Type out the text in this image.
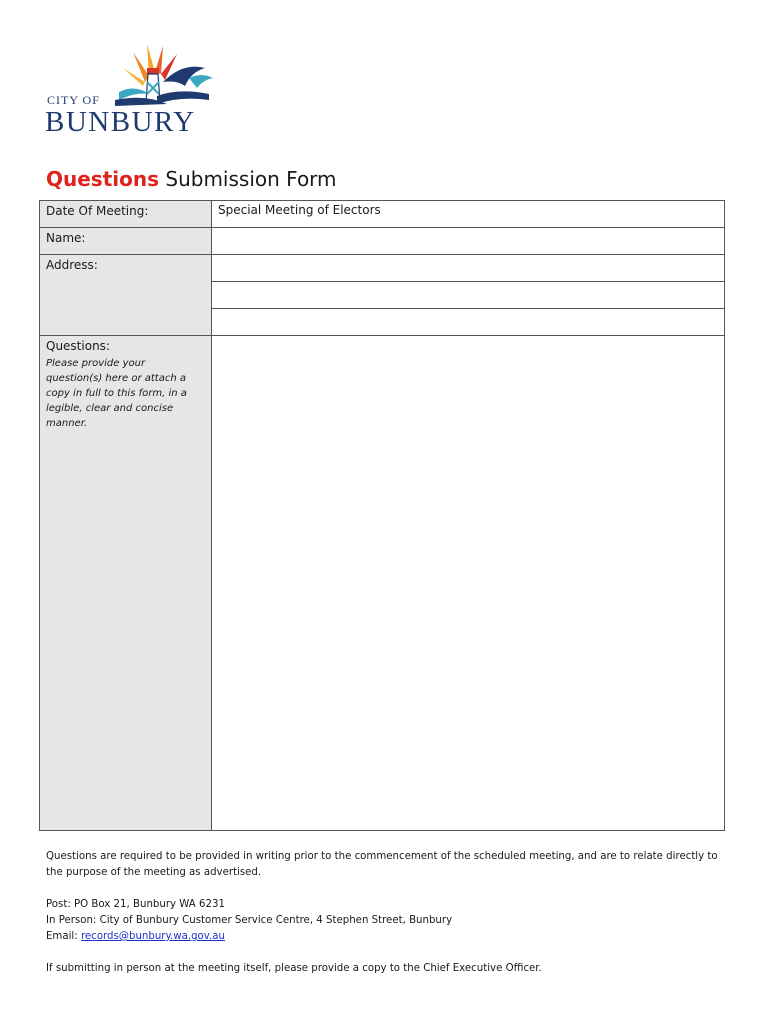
CITY OF
BUNBURY
Questions Submission Form
Date Of Meeting:	Special Meeting of Electors

Name:	

Address:	

Questions:
Please provide your question(s) here or attach a copy in full to this form, in a legible, clear and concise manner.	

Questions are required to be provided in writing prior to the commencement of the scheduled meeting, and are to relate directly to the purpose of the meeting as advertised.

Post: PO Box 21, Bunbury WA 6231

In Person: City of Bunbury Customer Service Centre, 4 Stephen Street, Bunbury

Email: records@bunbury.wa.gov.au

If submitting in person at the meeting itself, please provide a copy to the Chief Executive Officer.
